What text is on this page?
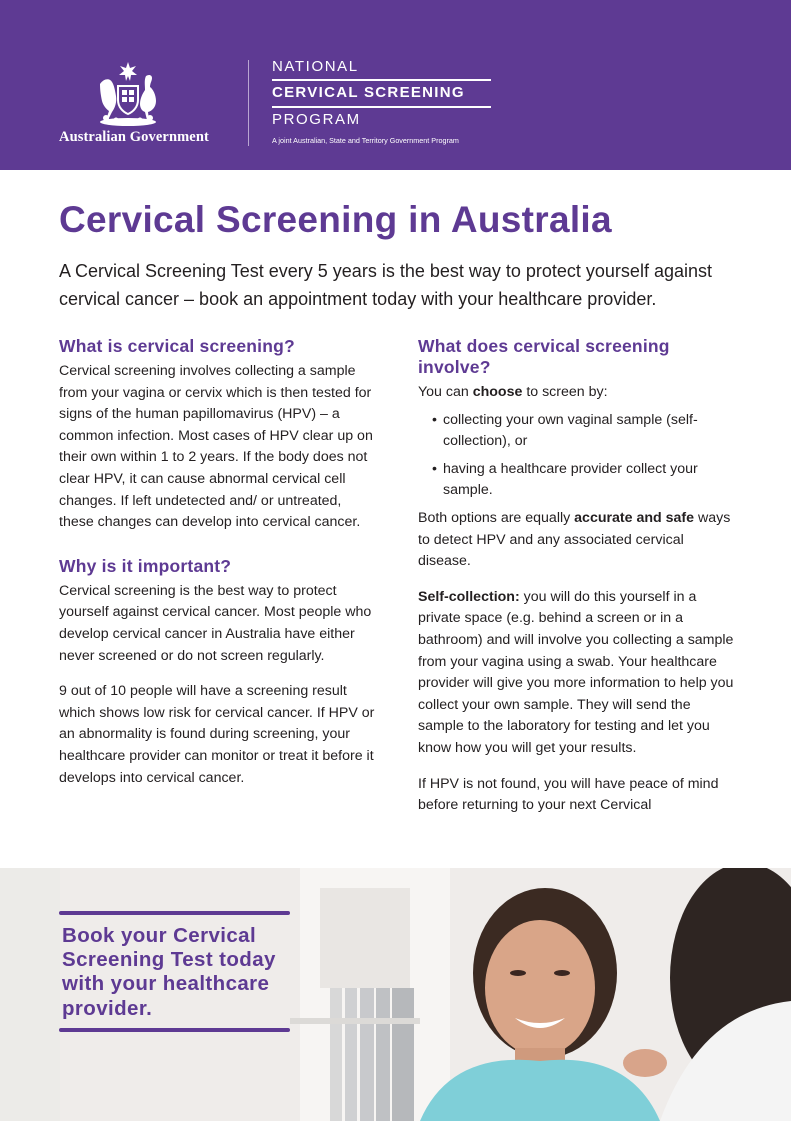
Australian Government
NATIONAL
CERVICAL SCREENING
PROGRAM
A joint Australian, State and Territory Government Program
Cervical Screening in Australia

A Cervical Screening Test every 5 years is the best way to protect yourself against cervical cancer – book an appointment today with your healthcare provider.

What is cervical screening?

Cervical screening involves collecting a sample from your vagina or cervix which is then tested for signs of the human papillomavirus (HPV) – a common infection. Most cases of HPV clear up on their own within 1 to 2 years. If the body does not clear HPV, it can cause abnormal cervical cell changes. If left undetected and/ or untreated, these changes can develop into cervical cancer.

Why is it important?

Cervical screening is the best way to protect yourself against cervical cancer. Most people who develop cervical cancer in Australia have either never screened or do not screen regularly.

9 out of 10 people will have a screening result which shows low risk for cervical cancer. If HPV or an abnormality is found during screening, your healthcare provider can monitor or treat it before it develops into cervical cancer.

What does cervical screening involve?

You can choose to screen by:

• collecting your own vaginal sample (self-collection), or
• having a healthcare provider collect your sample.

Both options are equally accurate and safe ways to detect HPV and any associated cervical disease.

Self-collection: you will do this yourself in a private space (e.g. behind a screen or in a bathroom) and will involve you collecting a sample from your vagina using a swab. Your healthcare provider will give you more information to help you collect your own sample. They will send the sample to the laboratory for testing and let you know how you will get your results.

If HPV is not found, you will have peace of mind before returning to your next Cervical

Book your Cervical Screening Test today with your healthcare provider.
